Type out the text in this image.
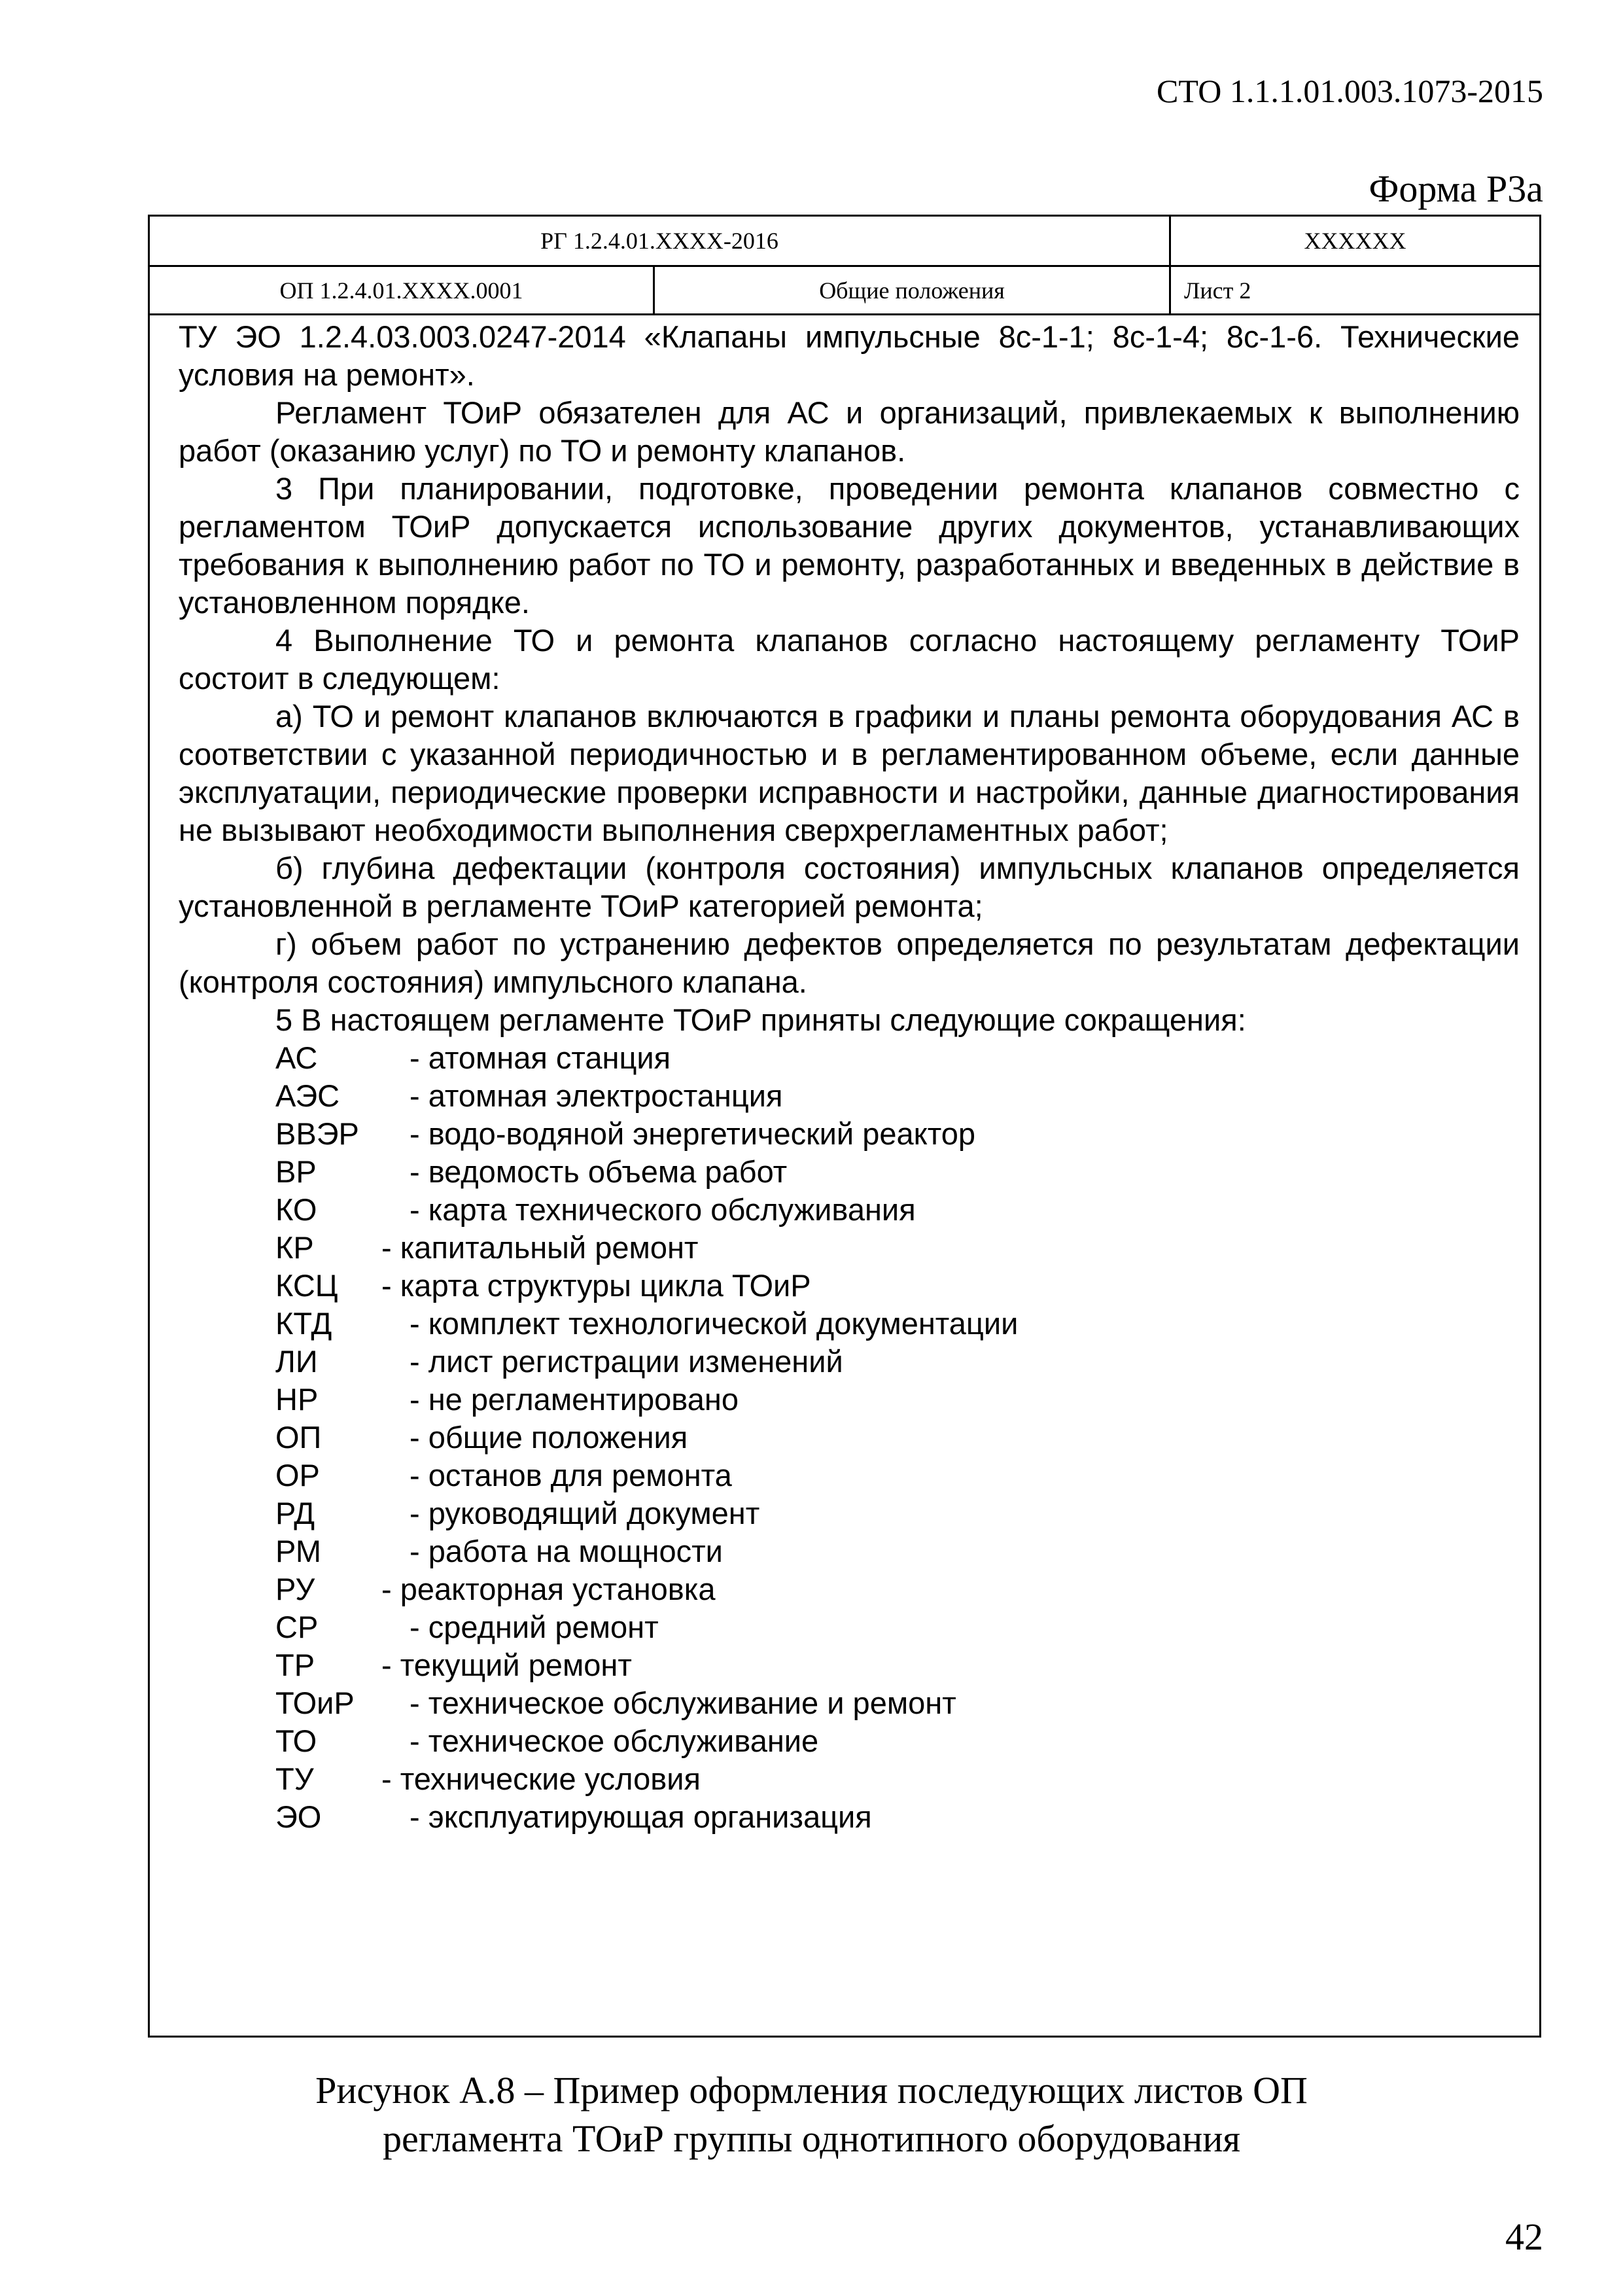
СТО 1.1.1.01.003.1073-2015
Форма Р3а
РГ 1.2.4.01.ХХХХ-2016	ХХХХХХ
ОП 1.2.4.01.ХХХХ.0001	Общие положения	Лист 2

ТУ ЭО 1.2.4.03.003.0247-2014 «Клапаны импульсные 8с-1-1; 8с-1-4; 8с-1-6. Технические условия на ремонт».

Регламент ТОиР обязателен для АС и организаций, привлекаемых к выполнению работ (оказанию услуг) по ТО и ремонту клапанов.

3 При планировании, подготовке, проведении ремонта клапанов совместно с регламентом ТОиР допускается использование других документов, устанавливающих требования к выполнению работ по ТО и ремонту, разработанных и введенных в действие в установленном порядке.

4 Выполнение ТО и ремонта клапанов согласно настоящему регламенту ТОиР состоит в следующем:

а) ТО и ремонт клапанов включаются в графики и планы ремонта оборудования АС в соответствии с указанной периодичностью и в регламентированном объеме, если данные эксплуатации, периодические проверки исправности и настройки, данные диагностирования не вызывают необходимости выполнения сверхрегламентных работ;

б) глубина дефектации (контроля состояния) импульсных клапанов определяется установленной в регламенте ТОиР категорией ремонта;

г) объем работ по устранению дефектов определяется по результатам дефектации (контроля состояния) импульсного клапана.

5 В настоящем регламенте ТОиР приняты следующие сокращения:

АС	- атомная станция
АЭС - атомная электростанция
ВВЭР - водо-водяной энергетический реактор
ВР	- ведомость объема работ
КО	- карта технического обслуживания
КР - капитальный ремонт
КСЦ - карта структуры цикла ТОиР
КТД	- комплект технологической документации
ЛИ	- лист регистрации изменений
НР	- не регламентировано
ОП	- общие положения
ОР	- останов для ремонта
РД	- руководящий документ
РМ	- работа на мощности
РУ - реакторная установка
СР	- средний ремонт
ТР - текущий ремонт
ТОиР - техническое обслуживание и ремонт
ТО	- техническое обслуживание
ТУ - технические условия
ЭО	- эксплуатирующая организация
Рисунок А.8 – Пример оформления последующих листов ОП
регламента ТОиР группы однотипного оборудования
42
